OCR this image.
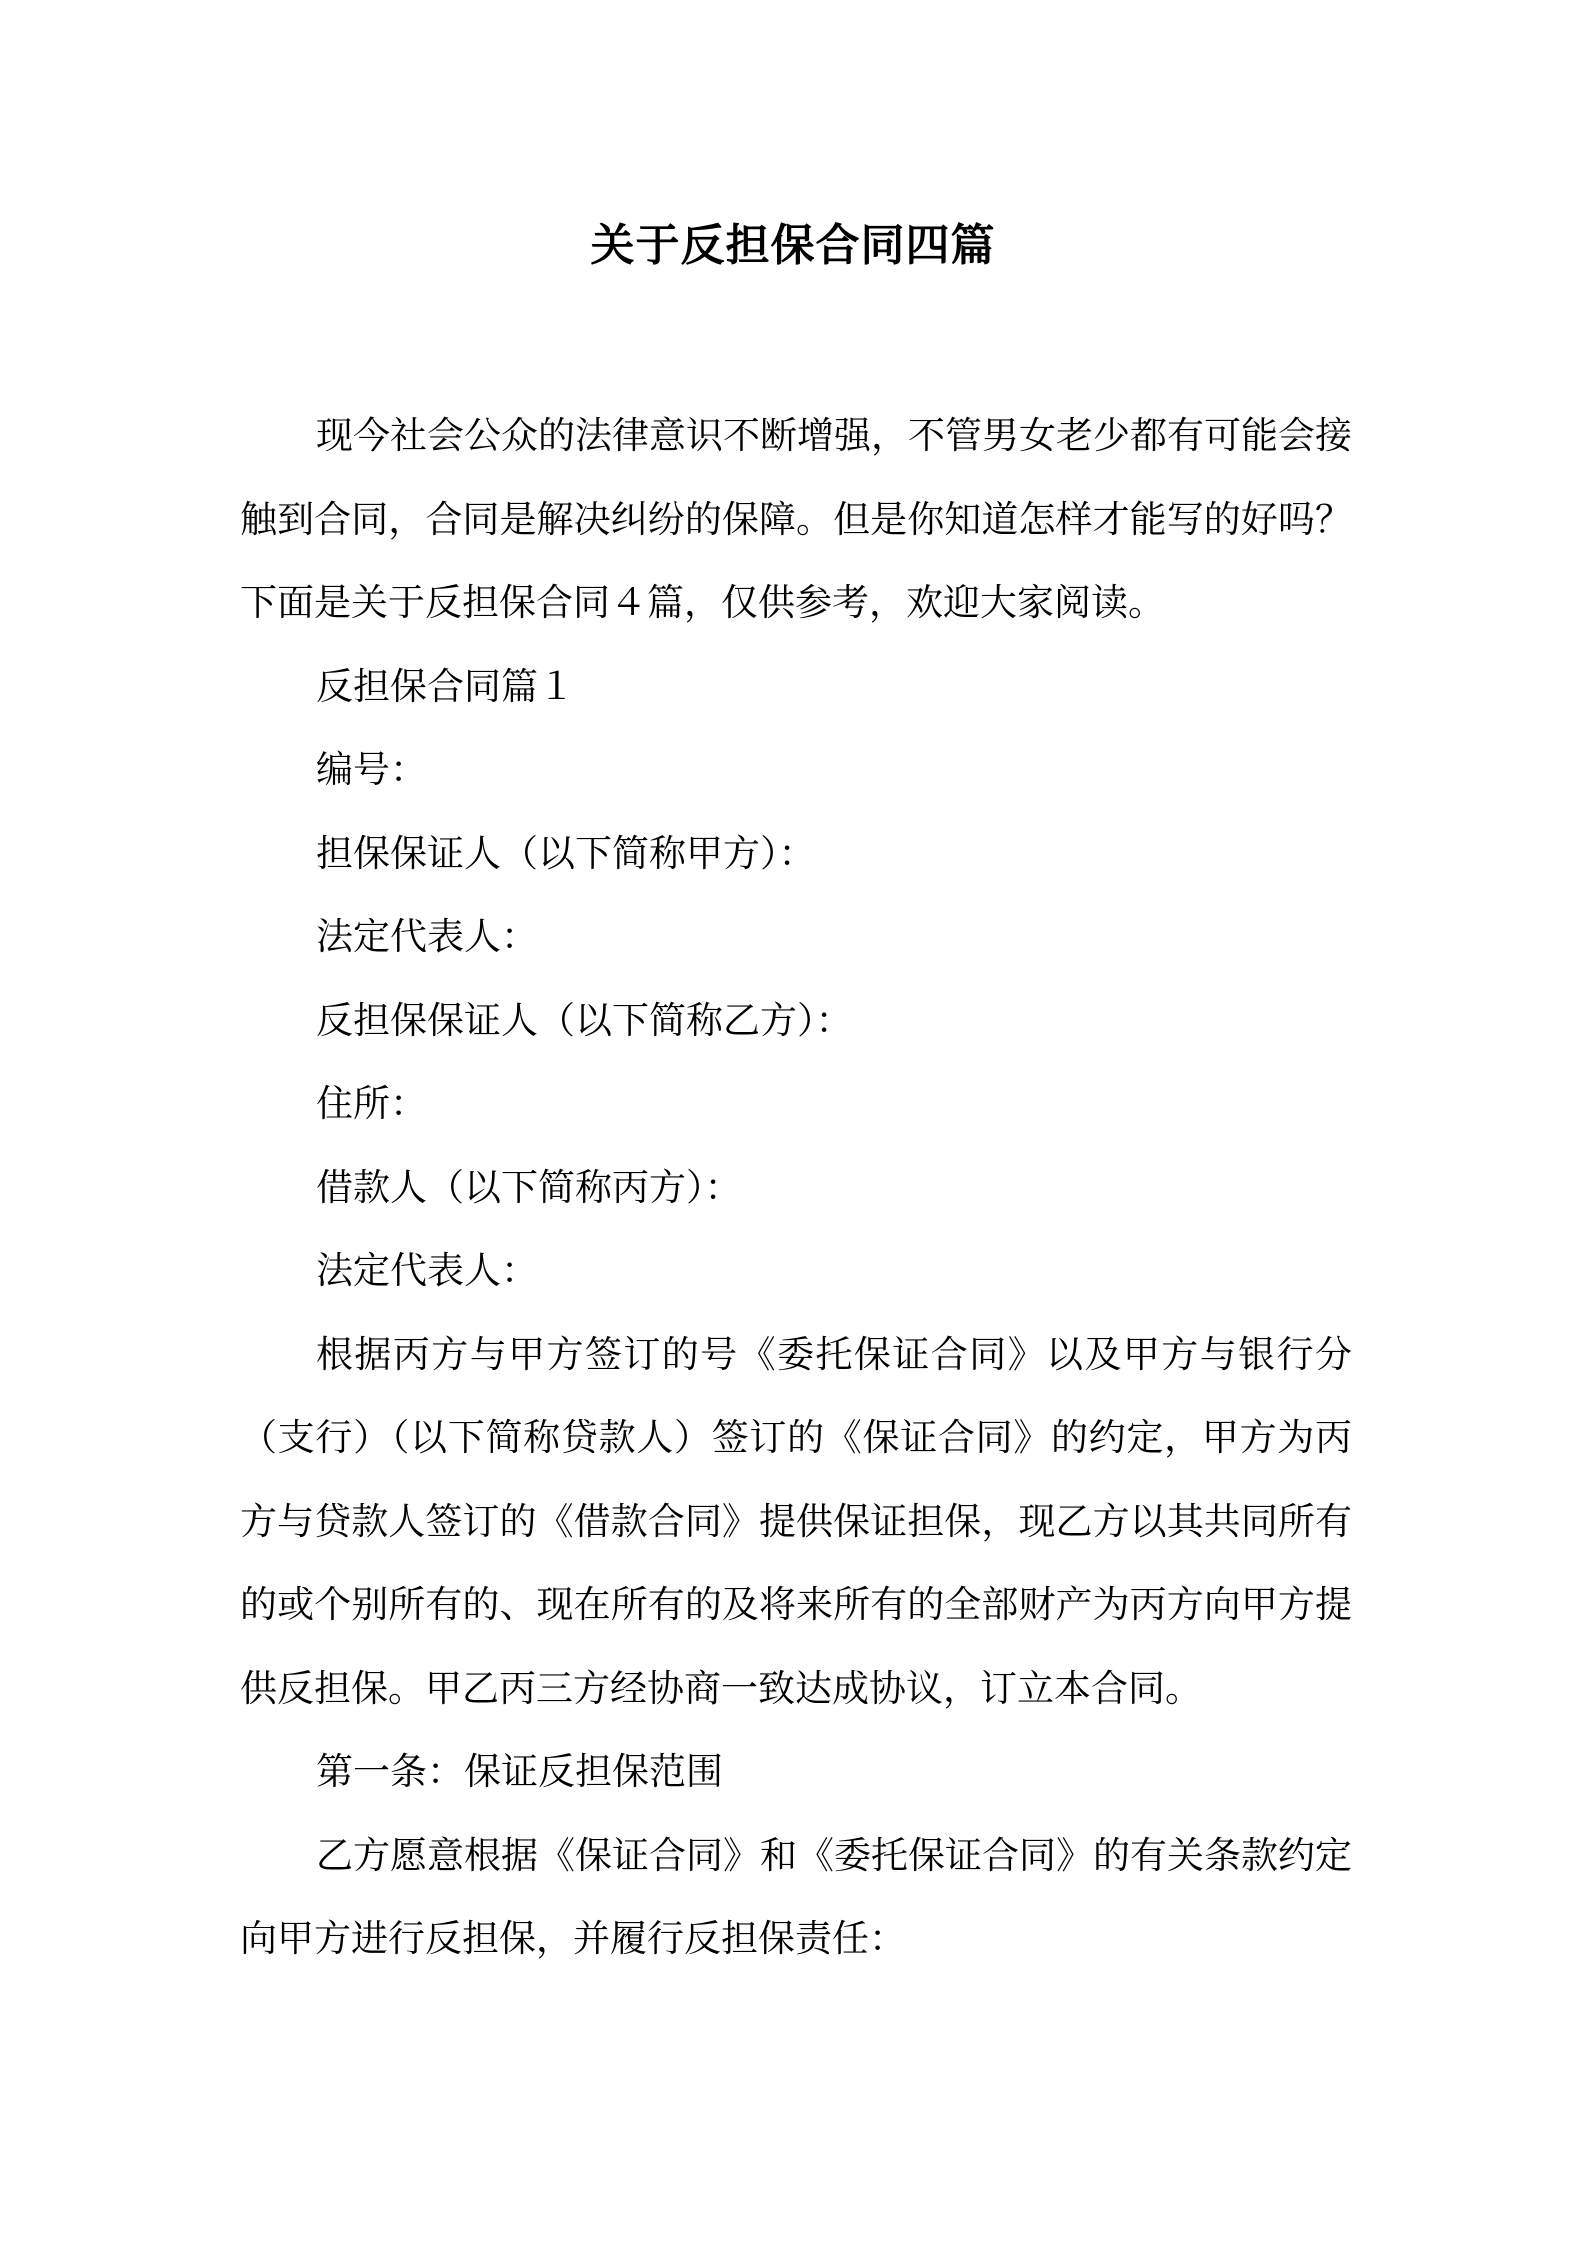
关于反担保合同四篇

现今社会公众的法律意识不断增强，不管男女老少都有可能会接触到合同，合同是解决纠纷的保障。但是你知道怎样才能写的好吗？下面是关于反担保合同４篇，仅供参考，欢迎大家阅读。

反担保合同篇１

编号：

担保保证人（以下简称甲方）：

法定代表人：

反担保保证人（以下简称乙方）：

住所：

借款人（以下简称丙方）：

法定代表人：

根据丙方与甲方签订的号《委托保证合同》以及甲方与银行分（支行）（以下简称贷款人）签订的《保证合同》的约定，甲方为丙方与贷款人签订的《借款合同》提供保证担保，现乙方以其共同所有的或个别所有的、现在所有的及将来所有的全部财产为丙方向甲方提供反担保。甲乙丙三方经协商一致达成协议，订立本合同。

第一条：保证反担保范围

乙方愿意根据《保证合同》和《委托保证合同》的有关条款约定向甲方进行反担保，并履行反担保责任：
